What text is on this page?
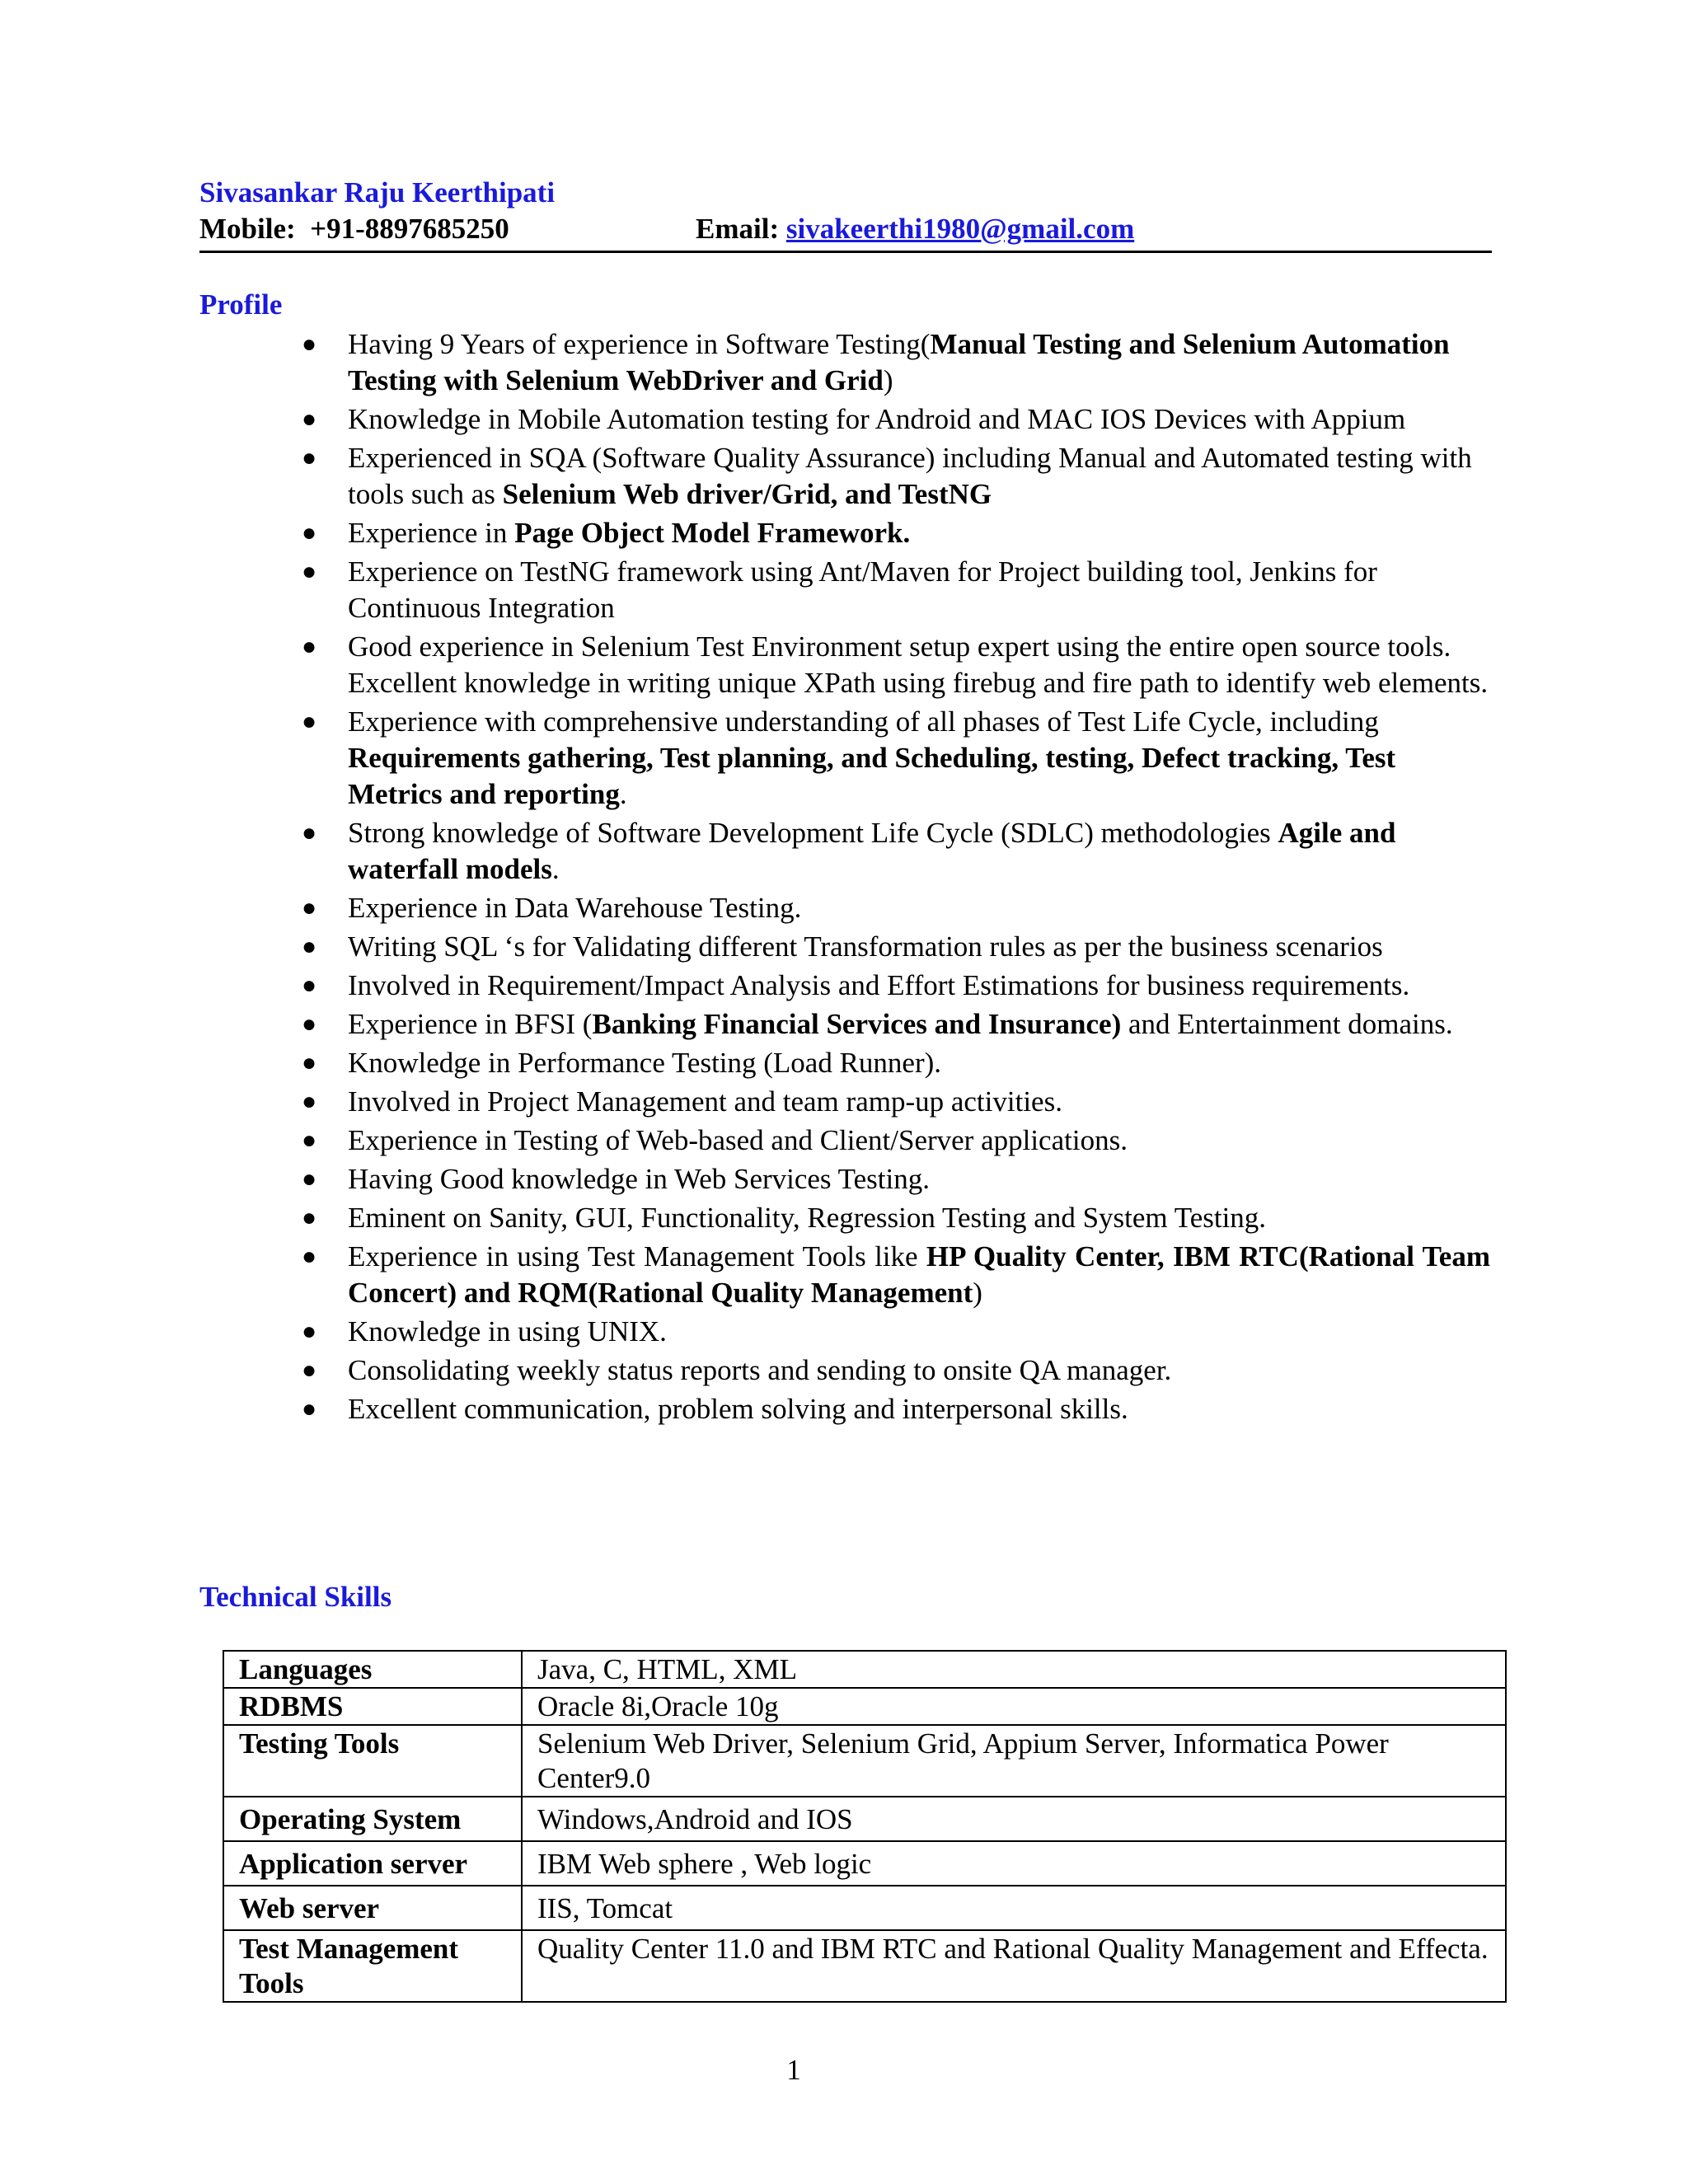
Sivasankar Raju Keerthipati
Mobile: +91-8897685250	Email: sivakeerthi1980@gmail.com
Profile
● Having 9 Years of experience in Software Testing(Manual Testing and Selenium Automation Testing with Selenium WebDriver and Grid)
● Knowledge in Mobile Automation testing for Android and MAC IOS Devices with Appium
● Experienced in SQA (Software Quality Assurance) including Manual and Automated testing with tools such as Selenium Web driver/Grid, and TestNG
● Experience in Page Object Model Framework.
● Experience on TestNG framework using Ant/Maven for Project building tool, Jenkins for Continuous Integration
● Good experience in Selenium Test Environment setup expert using the entire open source tools. Excellent knowledge in writing unique XPath using firebug and fire path to identify web elements.
● Experience with comprehensive understanding of all phases of Test Life Cycle, including Requirements gathering, Test planning, and Scheduling, testing, Defect tracking, Test Metrics and reporting.
● Strong knowledge of Software Development Life Cycle (SDLC) methodologies Agile and waterfall models.
● Experience in Data Warehouse Testing.
● Writing SQL ‘s for Validating different Transformation rules as per the business scenarios
● Involved in Requirement/Impact Analysis and Effort Estimations for business requirements.
● Experience in BFSI (Banking Financial Services and Insurance) and Entertainment domains.
● Knowledge in Performance Testing (Load Runner).
● Involved in Project Management and team ramp-up activities.
● Experience in Testing of Web-based and Client/Server applications.
● Having Good knowledge in Web Services Testing.
● Eminent on Sanity, GUI, Functionality, Regression Testing and System Testing.
● Experience in using Test Management Tools like HP Quality Center, IBM RTC(Rational Team Concert) and RQM(Rational Quality Management)
● Knowledge in using UNIX.
● Consolidating weekly status reports and sending to onsite QA manager.
● Excellent communication, problem solving and interpersonal skills.
Technical Skills
Languages	Java, C, HTML, XML
RDBMS	Oracle 8i,Oracle 10g
Testing Tools	Selenium Web Driver, Selenium Grid, Appium Server, Informatica Power Center9.0
Operating System	Windows,Android and IOS
Application server	IBM Web sphere , Web logic
Web server	IIS, Tomcat
Test Management Tools	Quality Center 11.0 and IBM RTC and Rational Quality Management and Effecta.
1
